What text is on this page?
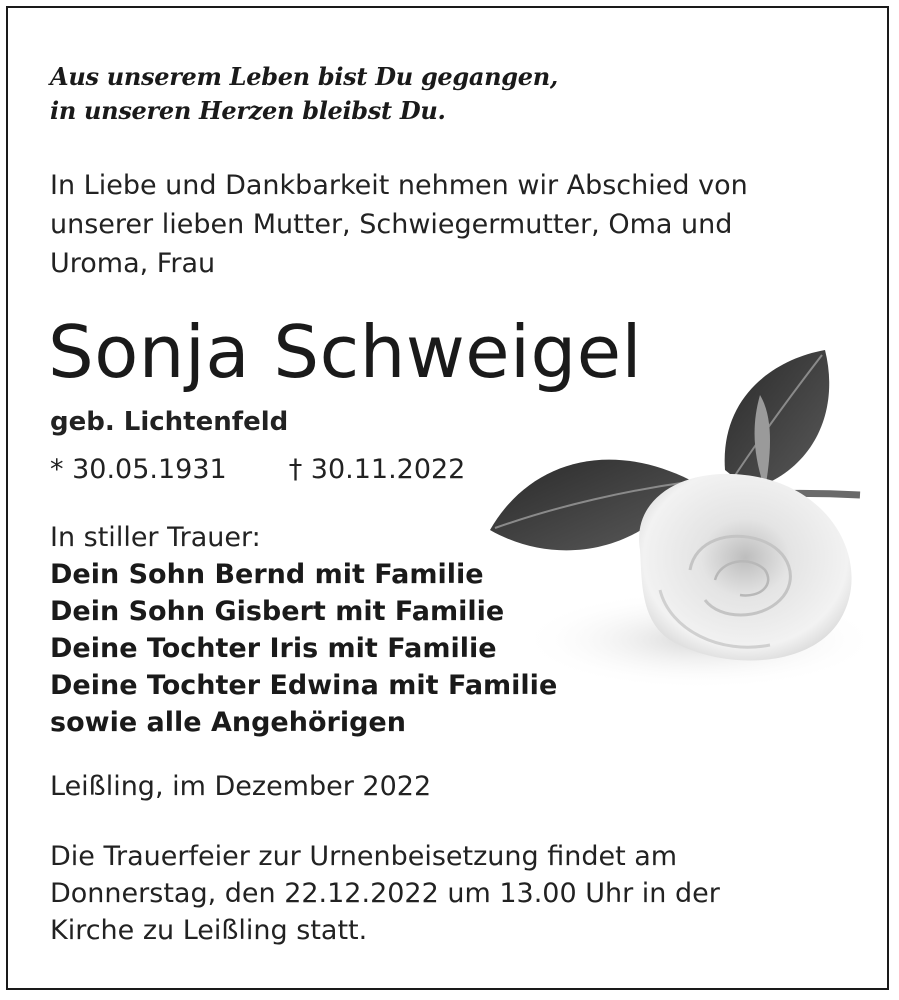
Aus unserem Leben bist Du gegangen,
in unseren Herzen bleibst Du.
In Liebe und Dankbarkeit nehmen wir Abschied von unserer lieben Mutter, Schwiegermutter, Oma und Uroma, Frau
Sonja Schweigel
geb. Lichtenfeld
* 30.05.1931 † 30.11.2022
In stiller Trauer:
Dein Sohn Bernd mit Familie
Dein Sohn Gisbert mit Familie
Deine Tochter Iris mit Familie
Deine Tochter Edwina mit Familie
sowie alle Angehörigen
Leißling, im Dezember 2022
Die Trauerfeier zur Urnenbeisetzung findet am Donnerstag, den 22.12.2022 um 13.00 Uhr in der Kirche zu Leißling statt.
